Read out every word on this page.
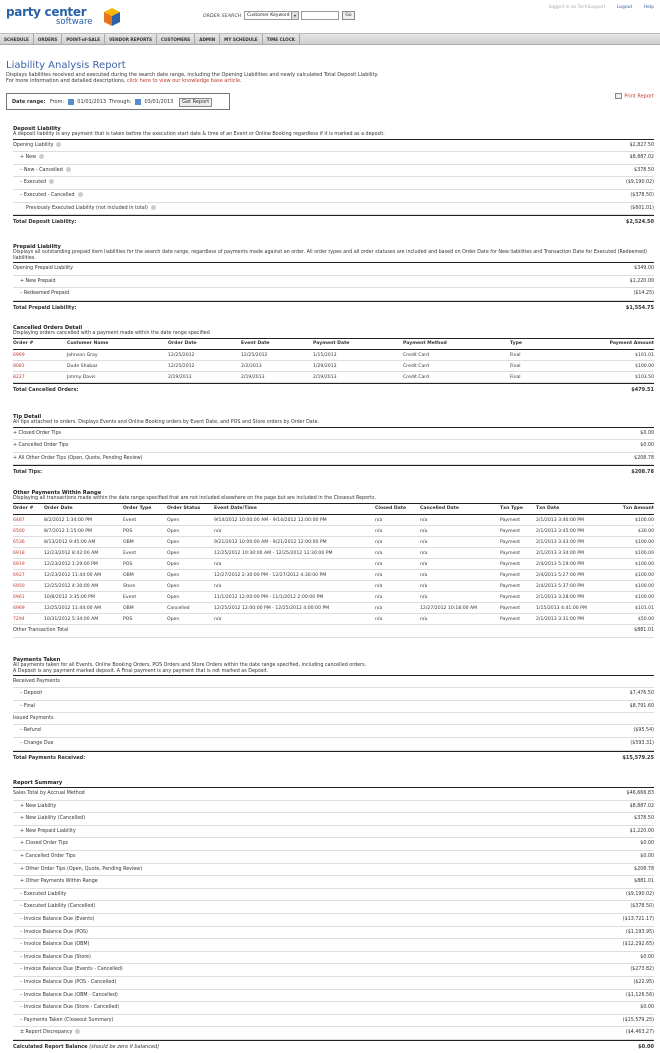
party center
software
ORDER SEARCH	Customer Keyword	▾	Go
logged in as TechSupport	Logout	Help
SCHEDULE	ORDERS	POINT-of-SALE	VENDOR REPORTS	CUSTOMERS	ADMIN	MY SCHEDULE	TIME CLOCK
Liability Analysis Report
Displays liabilities received and executed during the search date range, including the Opening Liabilities and newly calculated Total Deposit Liability.
For more information and detailed descriptions, click here to view our knowledge base article.
Date range: From:	01/01/2013 Through:	03/01/2013 Get Report
Print Report
Deposit Liability
A deposit liability is any payment that is taken before the execution start date & time of an Event or Online Booking regardless if it is marked as a deposit.
Opening Liability	$2,827.50
+ New	$8,887.02
– New - Cancelled	$378.50
– Executed	($9,190.02)
– Executed - Cancelled	($378.50)
Previously Executed Liability (not included in total)	($601.01)
Total Deposit Liability:	$2,524.50
Prepaid Liability
Displays all outstanding prepaid item liabilities for the search date range, regardless of payments made against an order. All order types and all order statuses are included and based on Order Date for New liabilities and Transaction Date for Executed (Redeemed) liabilities.
Opening Prepaid Liability	$349.00
+ New Prepaid	$1,220.00
– Redeemed Prepaid	($14.25)
Total Prepaid Liability:	$1,554.75
Cancelled Orders Detail
Displaying orders cancelled with a payment made within the date range specified
Order #	Customer Name	Order Date	Event Date	Payment Date	Payment Method	Type	Payment Amount
6969	Johnson Gray	12/25/2012	12/25/2012	1/15/2013	Credit Card	Final	$101.01
8081	Dude Shabaz	12/25/2012	2/2/2013	1/29/2013	Credit Card	Final	$100.00
8227	Jimmy Davis	2/19/2013	2/19/2013	2/19/2013	Credit Card	Final	$103.50
Total Cancelled Orders:	$479.51
Tip Detail
All tips attached to orders. Displays Events and Online Booking orders by Event Date, and POS and Store orders by Order Date.
+ Closed Order Tips	$0.00
+ Cancelled Order Tips	$0.00
+ All Other Order Tips (Open, Quote, Pending Review)	$208.78
Total Tips:	$208.78
Other Payments Within Range
Displaying all transactions made within the date range specified that are not included elsewhere on the page but are included in the Closeout Reports.
Order #	Order Date	Order Type	Order Status	Event Date/Time	Closed Date	Cancelled Date	Txn Type	Txn Date	Txn Amount
6487	8/2/2012 1:34:00 PM	Event	Open	9/14/2012 10:00:00 AM - 9/14/2012 12:00:00 PM	n/a	n/a	Payment	2/1/2013 3:46:00 PM	$100.00
6500	8/7/2012 1:15:00 PM	POS	Open	n/a	n/a	n/a	Payment	2/1/2013 3:45:00 PM	$30.00
6536	8/13/2012 9:45:00 AM	OBM	Open	9/21/2012 10:00:00 AM - 9/21/2012 12:00:00 PM	n/a	n/a	Payment	2/1/2013 3:43:00 PM	$100.00
6918	12/23/2012 8:42:00 AM	Event	Open	12/25/2012 10:30:00 AM - 12/25/2012 12:30:00 PM	n/a	n/a	Payment	2/1/2013 3:34:00 PM	$100.00
6919	12/23/2012 1:29:00 PM	POS	Open	n/a	n/a	n/a	Payment	2/4/2013 5:19:00 PM	$100.00
6927	12/23/2012 11:44:00 AM	OBM	Open	12/27/2012 2:30:00 PM - 12/27/2012 4:30:00 PM	n/a	n/a	Payment	2/4/2013 5:27:00 PM	$100.00
6950	12/25/2012 4:30:00 AM	Store	Open	n/a	n/a	n/a	Payment	2/4/2013 5:37:00 PM	$100.00
6961	10/8/2012 3:35:00 PM	Event	Open	11/1/2012 12:00:00 PM - 11/1/2012 2:00:00 PM	n/a	n/a	Payment	2/1/2013 3:28:00 PM	$100.00
6969	12/25/2012 11:44:00 AM	OBM	Cancelled	12/25/2012 12:00:00 PM - 12/25/2012 4:00:00 PM	n/a	12/27/2012 10:18:00 AM	Payment	1/15/2013 4:41:00 PM	$101.01
7294	10/31/2012 5:34:00 AM	POS	Open	n/a	n/a	n/a	Payment	2/1/2013 3:31:00 PM	$50.00
Other Transaction Total	$881.01
Payments Taken
All payments taken for all Events, Online Booking Orders, POS Orders and Store Orders within the date range specified, including cancelled orders.
A Deposit is any payment marked deposit. A Final payment is any payment that is not marked as Deposit.
Received Payments
– Deposit	$7,476.50
– Final	$8,791.60
Issued Payments
– Refund	($95.54)
– Change Due	($593.31)
Total Payments Received:	$15,579.25
Report Summary
Sales Total by Accrual Method	$46,666.83
+ New Liability	$8,887.02
+ New Liability (Cancelled)	$378.50
+ New Prepaid Liability	$1,220.00
+ Closed Order Tips	$0.00
+ Cancelled Order Tips	$0.00
+ Other Order Tips (Open, Quote, Pending Review)	$208.78
+ Other Payments Within Range	$881.01
– Executed Liability	($9,190.02)
– Executed Liability (Cancelled)	($378.50)
– Invoice Balance Due (Events)	($13,721.17)
– Invoice Balance Due (POS)	($1,193.95)
– Invoice Balance Due (OBM)	($12,292.65)
– Invoice Balance Due (Store)	$0.00
– Invoice Balance Due (Events - Cancelled)	($273.82)
– Invoice Balance Due (POS - Cancelled)	($22.95)
– Invoice Balance Due (OBM - Cancelled)	($1,126.56)
– Invoice Balance Due (Store - Cancelled)	$0.00
– Payments Taken (Closeout Summary)	($15,579.25)
± Report Discrepancy	($4,463.27)
Calculated Report Balance (should be zero if balanced)	$0.00
